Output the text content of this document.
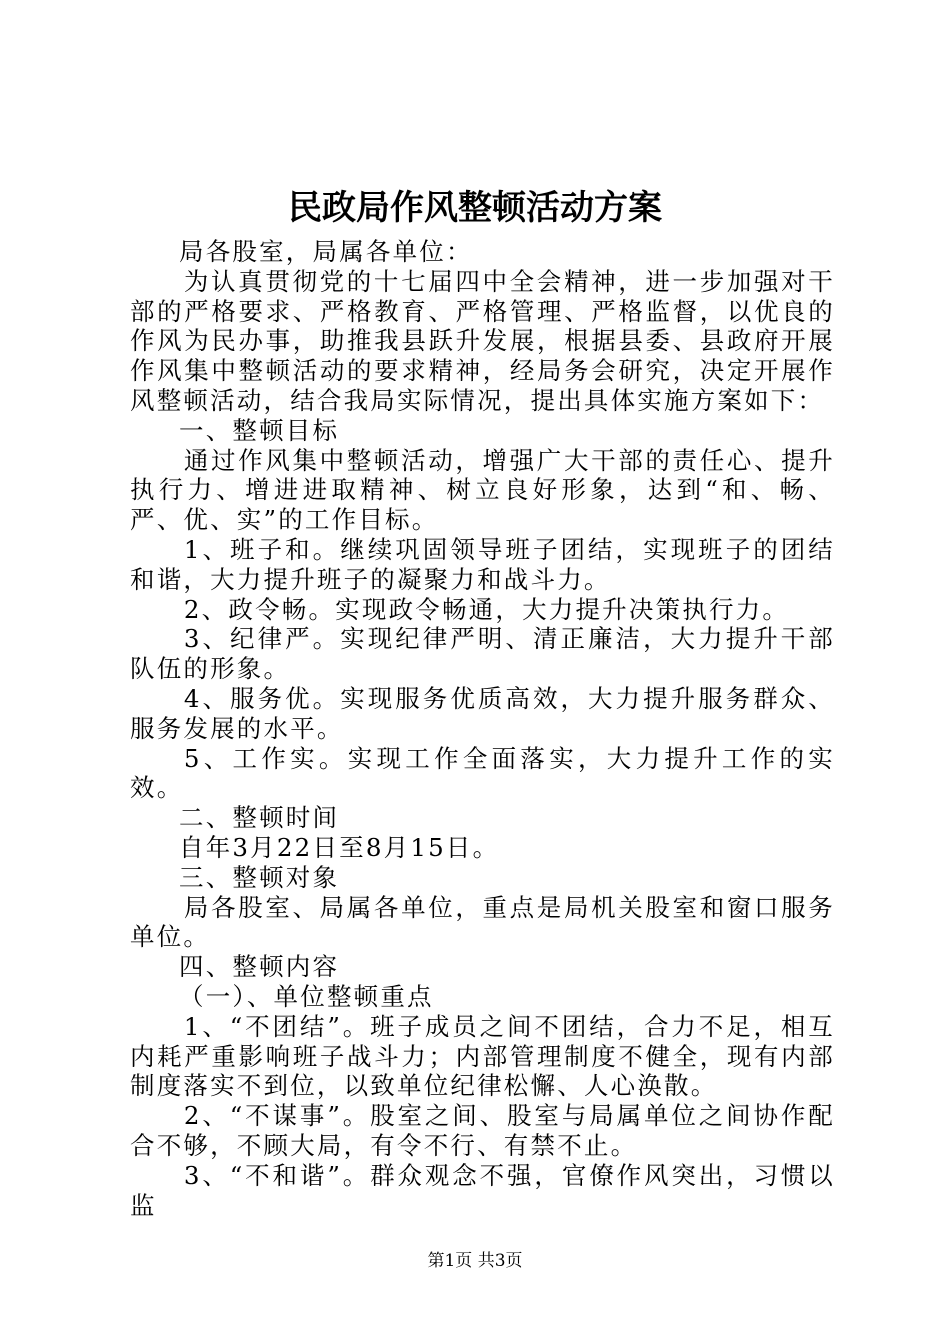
民政局作风整顿活动方案

局各股室，局属各单位：

为认真贯彻党的十七届四中全会精神，进一步加强对干部的严格要求、严格教育、严格管理、严格监督，以优良的作风为民办事，助推我县跃升发展，根据县委、县政府开展作风集中整顿活动的要求精神，经局务会研究，决定开展作风整顿活动，结合我局实际情况，提出具体实施方案如下：

一、整顿目标

通过作风集中整顿活动，增强广大干部的责任心、提升执行力、增进进取精神、树立良好形象，达到“和、畅、严、优、实”的工作目标。

1、班子和。继续巩固领导班子团结，实现班子的团结和谐，大力提升班子的凝聚力和战斗力。

2、政令畅。实现政令畅通，大力提升决策执行力。

3、纪律严。实现纪律严明、清正廉洁，大力提升干部队伍的形象。

4、服务优。实现服务优质高效，大力提升服务群众、服务发展的水平。

5、工作实。实现工作全面落实，大力提升工作的实效。

二、整顿时间

自年3月22日至8月15日。

三、整顿对象

局各股室、局属各单位，重点是局机关股室和窗口服务单位。

四、整顿内容

（一）、单位整顿重点

1、“不团结”。班子成员之间不团结，合力不足，相互内耗严重影响班子战斗力；内部管理制度不健全，现有内部制度落实不到位，以致单位纪律松懈、人心涣散。

2、“不谋事”。股室之间、股室与局属单位之间协作配合不够，不顾大局，有令不行、有禁不止。

3、“不和谐”。群众观念不强，官僚作风突出，习惯以监

第1页 共3页
